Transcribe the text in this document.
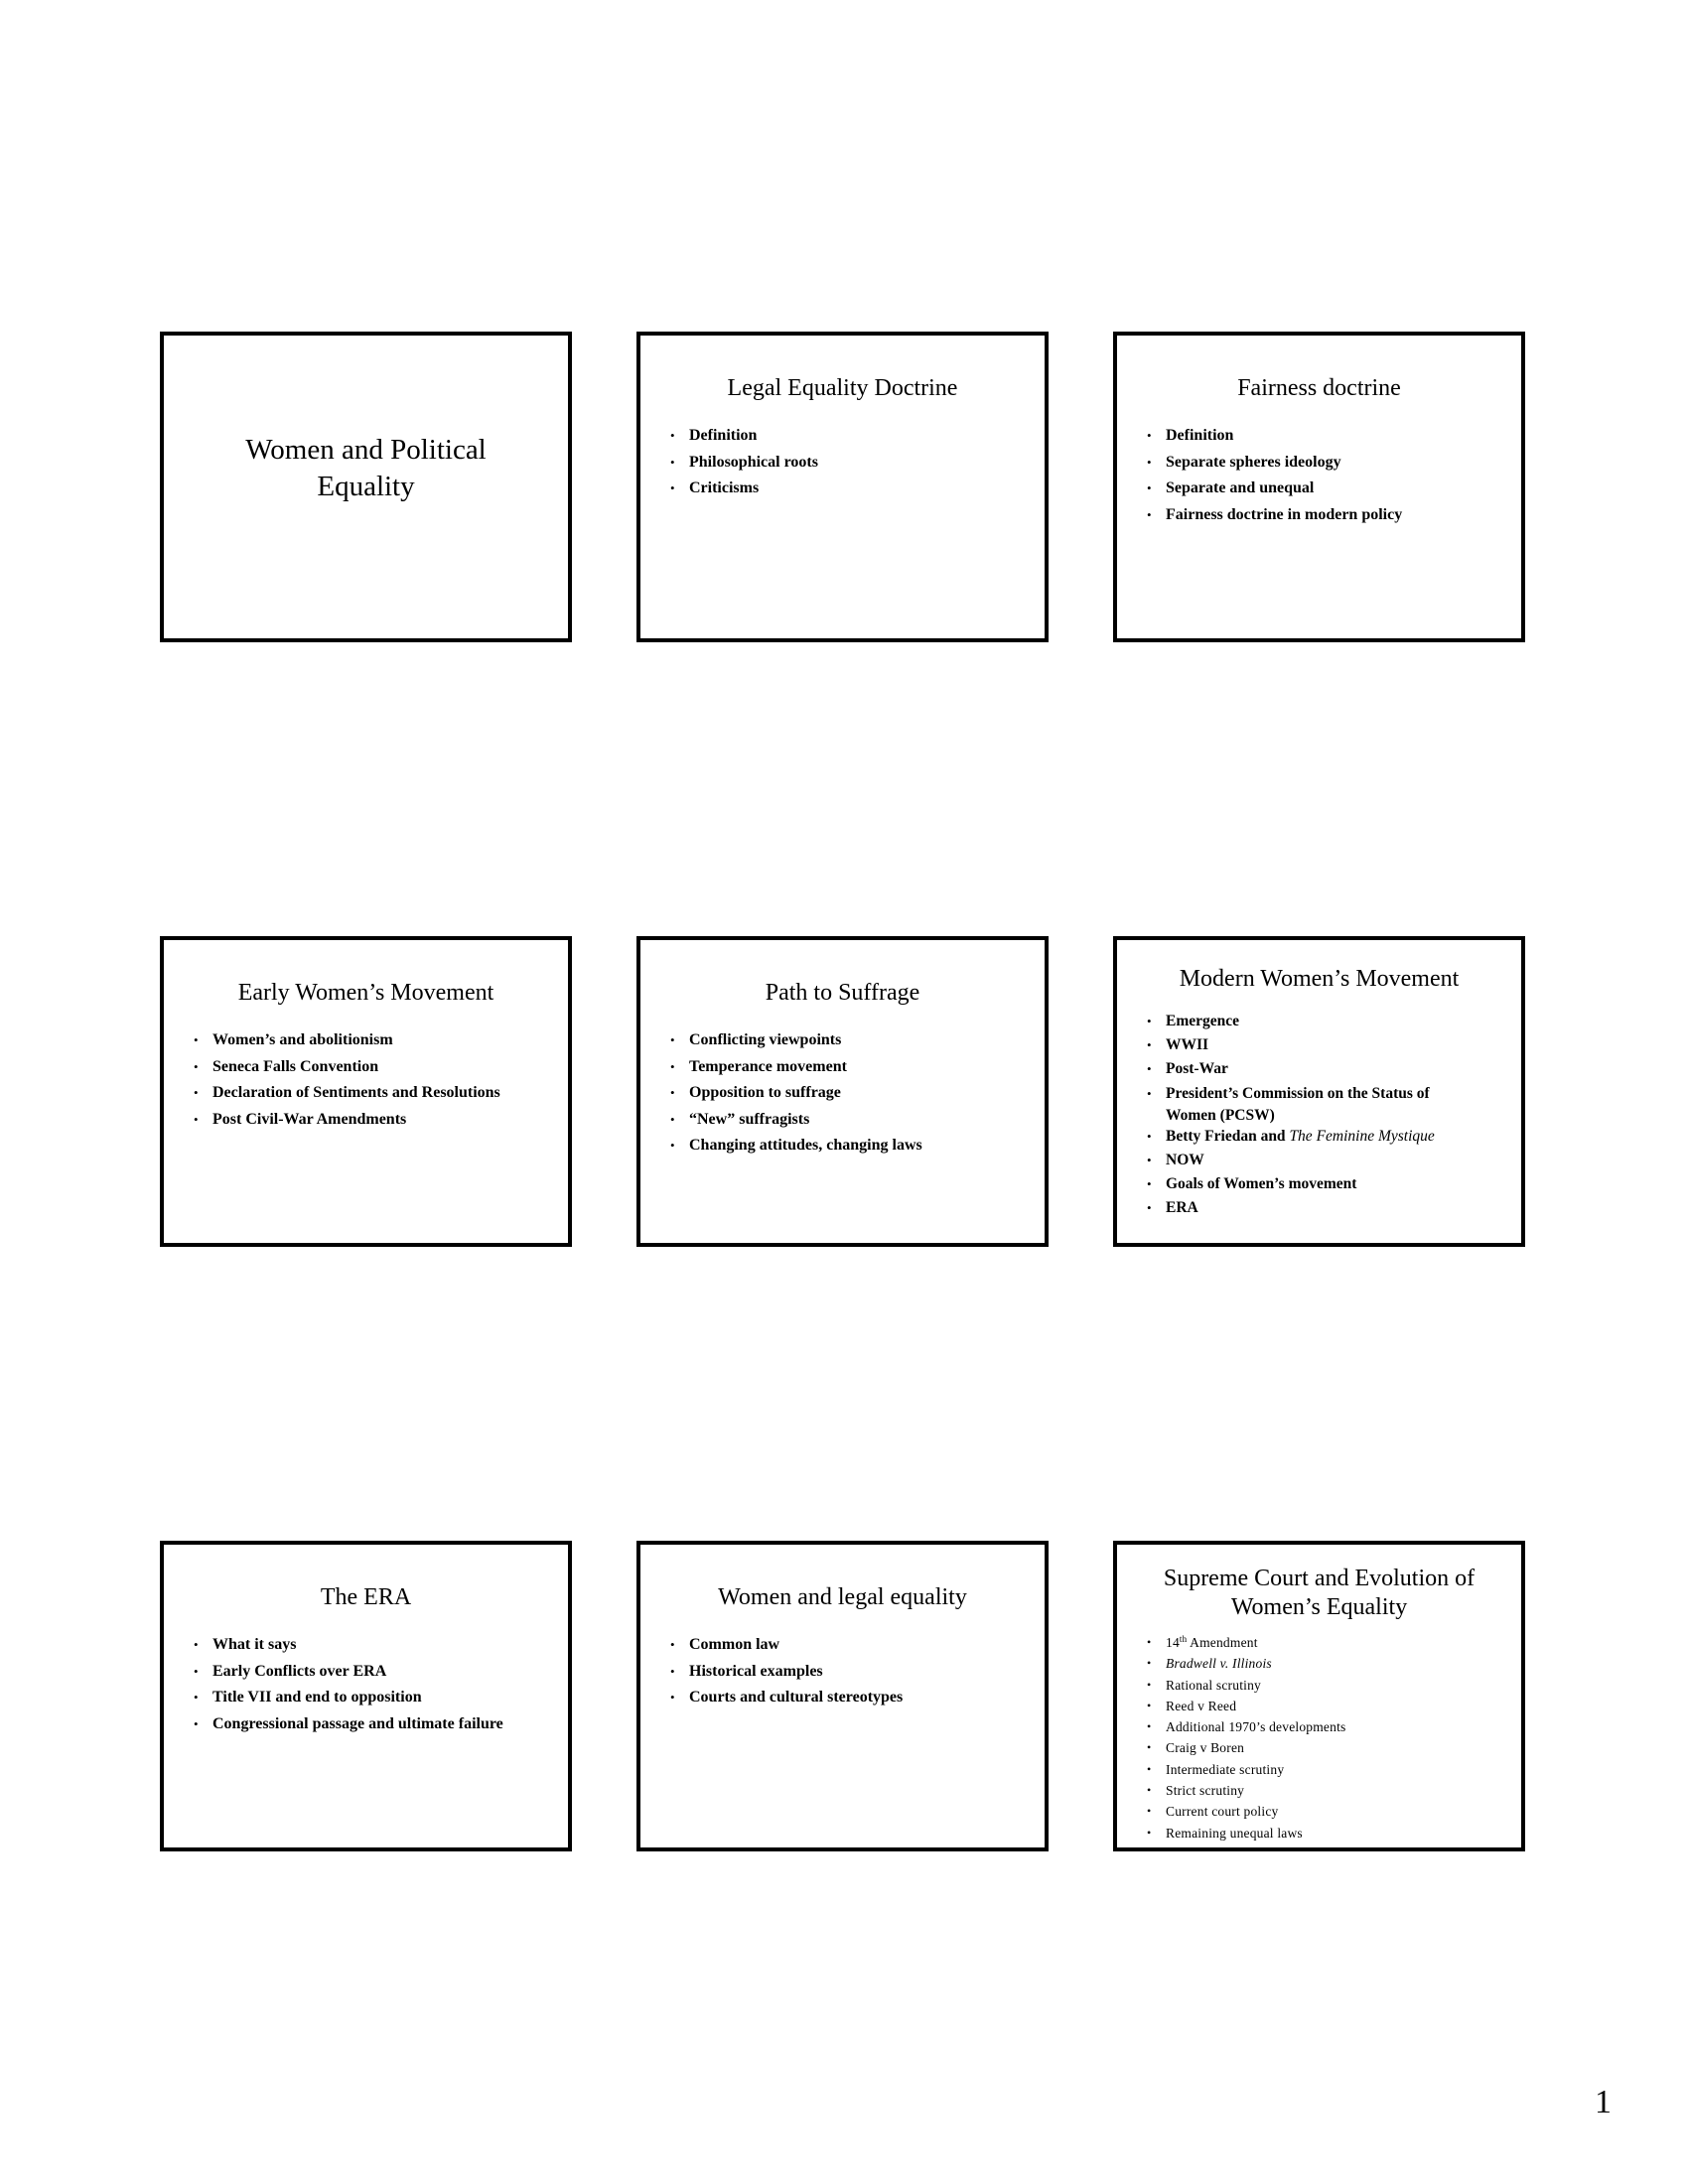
Women and Political
Equality
Legal Equality Doctrine
• Definition
• Philosophical roots
• Criticisms
Fairness doctrine
• Definition
• Separate spheres ideology
• Separate and unequal
• Fairness doctrine in modern policy
Early Women’s Movement
• Women’s and abolitionism
• Seneca Falls Convention
• Declaration of Sentiments and Resolutions
• Post Civil-War Amendments
Path to Suffrage
• Conflicting viewpoints
• Temperance movement
• Opposition to suffrage
• “New” suffragists
• Changing attitudes, changing laws
Modern Women’s Movement
• Emergence
• WWII
• Post-War
• President’s Commission on the Status of
Women (PCSW)
• Betty Friedan and The Feminine Mystique
• NOW
• Goals of Women’s movement
• ERA
The ERA
• What it says
• Early Conflicts over ERA
• Title VII and end to opposition
• Congressional passage and ultimate failure
Women and legal equality
• Common law
• Historical examples
• Courts and cultural stereotypes
Supreme Court and Evolution of
Women’s Equality
• 14th Amendment
• Bradwell v. Illinois
• Rational scrutiny
• Reed v Reed
• Additional 1970’s developments
• Craig v Boren
• Intermediate scrutiny
• Strict scrutiny
• Current court policy
• Remaining unequal laws
1
